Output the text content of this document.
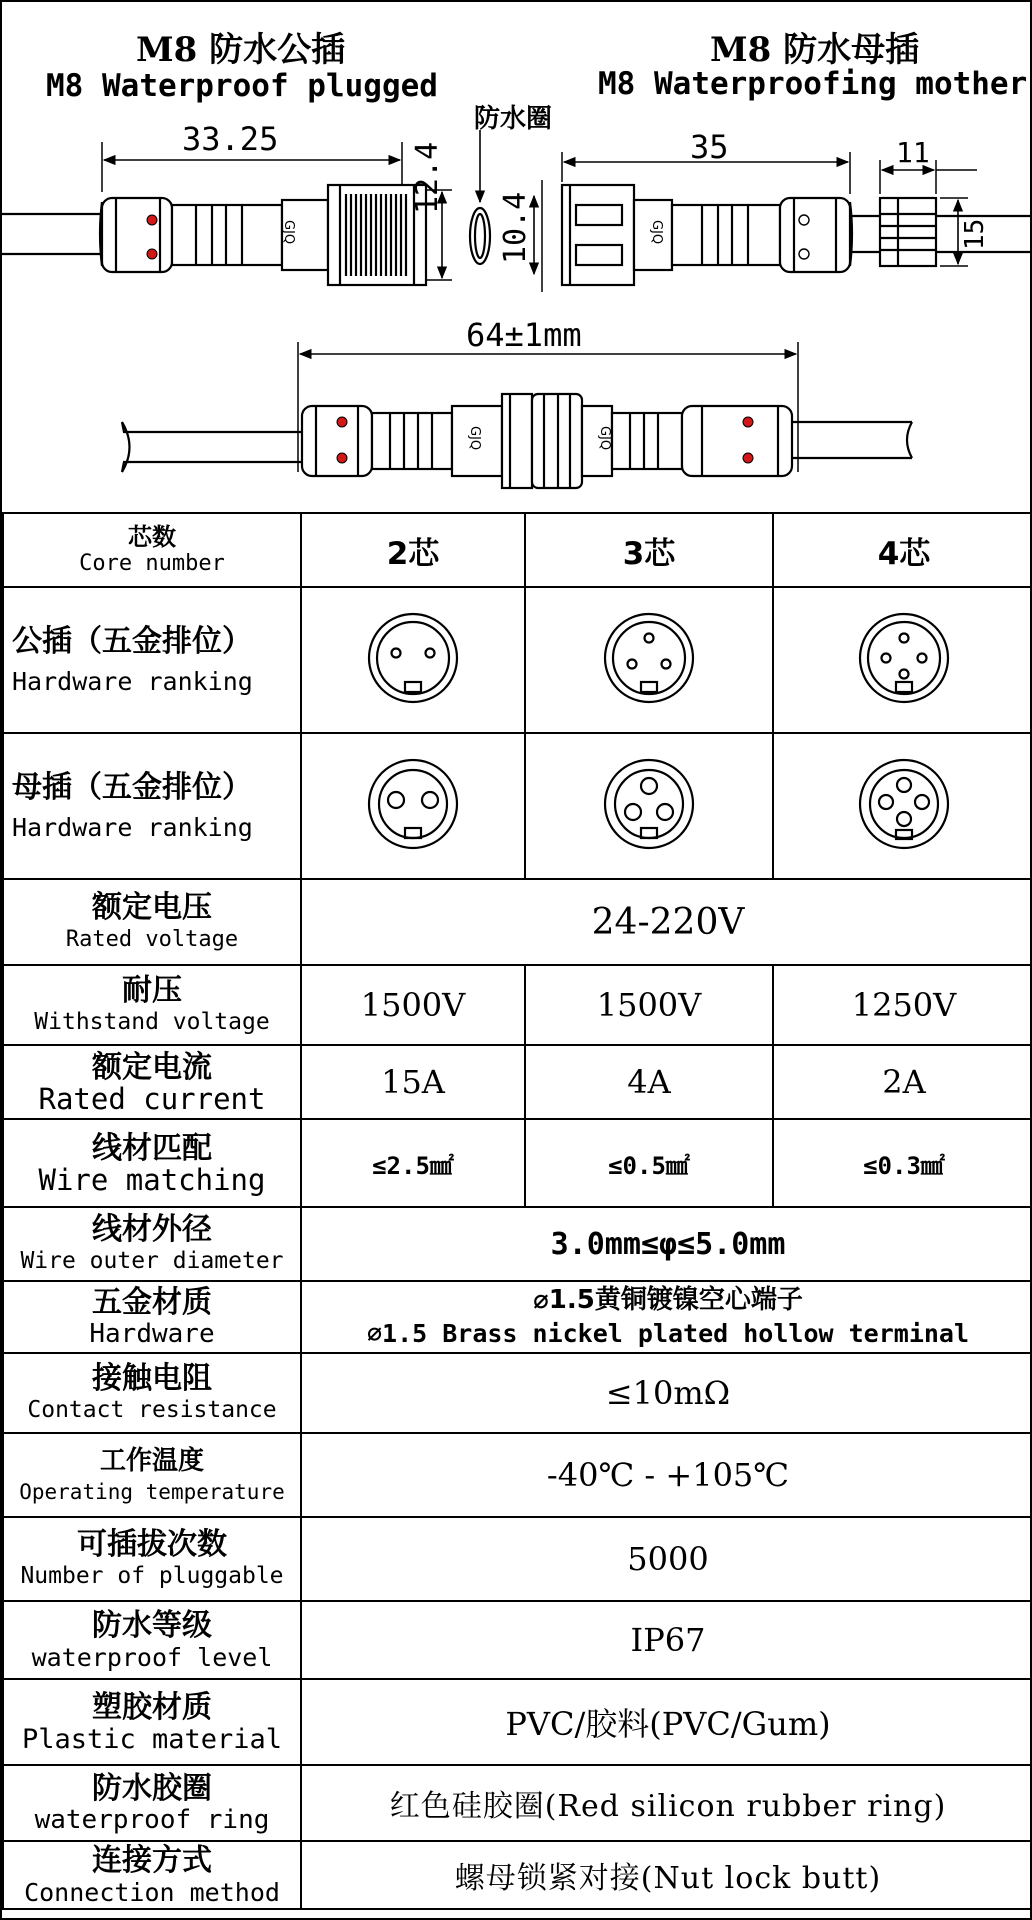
M8 防水公插
M8 Waterproof plugged
M8 防水母插
M8 Waterproofing mother
防水圈
33.25
12.4	35
10.4
11
15
64±1mm
GJQ	GJQ
GJQ	GJQ
芯数
Core number	2芯	3芯	4芯

公插（五金排位）
Hardware ranking

母插（五金排位）
Hardware ranking

额定电压
Rated voltage	24-220V		

耐压
Withstand voltage	1500V	1500V	1250V

额定电流
Rated current	15A	4A	2A

线材匹配
Wire matching	≤2.5㎟	≤0.5㎟	≤0.3㎟

线材外径
Wire outer diameter	3.0mm≤φ≤5.0mm		

五金材质
Hardware	⌀1.5黄铜镀镍空心端子
⌀1.5 Brass nickel plated hollow terminal		

接触电阻
Contact resistance	≤10mΩ		

工作温度
Operating temperature	-40℃ - +105℃		

可插拔次数
Number of pluggable	5000		

防水等级
waterproof level	IP67		

塑胶材质
Plastic material	PVC/胶料(PVC/Gum)		

防水胶圈
waterproof ring	红色硅胶圈(Red silicon rubber ring)		

连接方式
Connection method	螺母锁紧对接(Nut lock butt)		
